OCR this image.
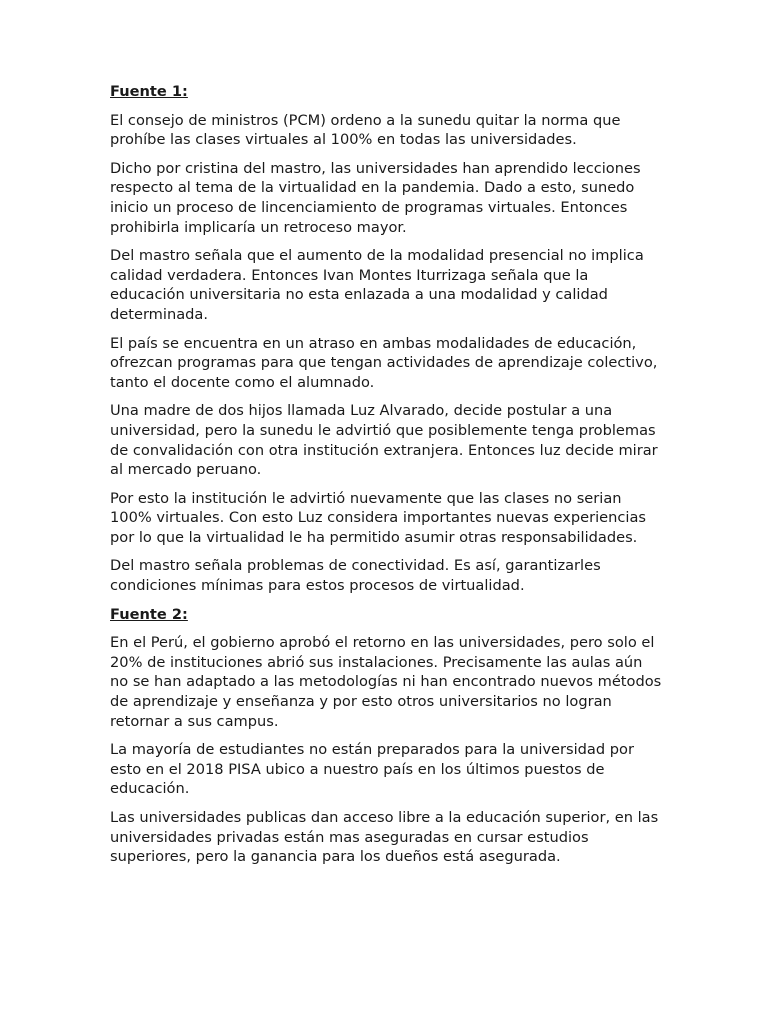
Fuente 1:

El consejo de ministros (PCM) ordeno a la sunedu quitar la norma que prohíbe las clases virtuales al 100% en todas las universidades.

Dicho por cristina del mastro, las universidades han aprendido lecciones respecto al tema de la virtualidad en la pandemia. Dado a esto, sunedo inicio un proceso de lincenciamiento de programas virtuales. Entonces prohibirla implicaría un retroceso mayor.

Del mastro señala que el aumento de la modalidad presencial no implica calidad verdadera. Entonces Ivan Montes Iturrizaga señala que la educación universitaria no esta enlazada a una modalidad y calidad determinada.

El país se encuentra en un atraso en ambas modalidades de educación, ofrezcan programas para que tengan actividades de aprendizaje colectivo, tanto el docente como el alumnado.

Una madre de dos hijos llamada Luz Alvarado, decide postular a una universidad, pero la sunedu le advirtió que posiblemente tenga problemas de convalidación con otra institución extranjera. Entonces luz decide mirar al mercado peruano.

Por esto la institución le advirtió nuevamente que las clases no serian 100% virtuales. Con esto Luz considera importantes nuevas experiencias por lo que la virtualidad le ha permitido asumir otras responsabilidades.

Del mastro señala problemas de conectividad. Es así, garantizarles condiciones mínimas para estos procesos de virtualidad.

Fuente 2:

En el Perú, el gobierno aprobó el retorno en las universidades, pero solo el 20% de instituciones abrió sus instalaciones. Precisamente las aulas aún no se han adaptado a las metodologías ni han encontrado nuevos métodos de aprendizaje y enseñanza y por esto otros universitarios no logran retornar a sus campus.

La mayoría de estudiantes no están preparados para la universidad por esto en el 2018 PISA ubico a nuestro país en los últimos puestos de educación.

Las universidades publicas dan acceso libre a la educación superior, en las universidades privadas están mas aseguradas en cursar estudios superiores, pero la ganancia para los dueños está asegurada.
